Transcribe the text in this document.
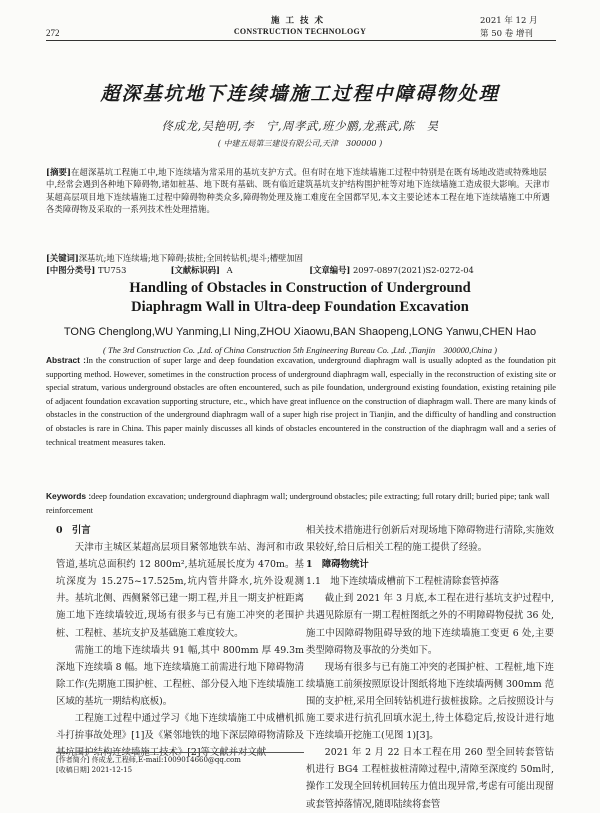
272
施工技术
CONSTRUCTION TECHNOLOGY
2021 年 12 月
第 50 卷 增刊
超深基坑地下连续墙施工过程中障碍物处理
佟成龙,吴艳明,李　宁,周孝武,班少鹏,龙燕武,陈　昊
( 中建五局第三建设有限公司,天津　300000 )
[摘要]在超深基坑工程施工中,地下连续墙为常采用的基坑支护方式。但有时在地下连续墙施工过程中特别是在既有场地改造或特殊地层中,经常会遇到各种地下障碍物,诸如桩基、地下既有基础、既有临近建筑基坑支护结构围护桩等对地下连续墙施工造成很大影响。天津市某超高层项目地下连续墙施工过程中障碍物种类众多,障碍物处理及施工难度在全国都罕见,本文主要论述本工程在地下连续墙施工中所遇各类障碍物及采取的一系列技术性处理措施。
[关键词]深基坑;地下连续墙;地下障碍;拔桩;全回转钻机;堤斗;槽壁加固
[中图分类号] TU753	[文献标识码] A	[文章编号] 2097-0897(2021)S2-0272-04
Handling of Obstacles in Construction of Underground
Diaphragm Wall in Ultra-deep Foundation Excavation
TONG Chenglong,WU Yanming,LI Ning,ZHOU Xiaowu,BAN Shaopeng,LONG Yanwu,CHEN Hao
( The 3rd Construction Co. ,Ltd. of China Construction 5th Engineering Bureau Co. ,Ltd. ,Tianjin　300000,China )
Abstract :In the construction of super large and deep foundation excavation, underground diaphragm wall is usually adopted as the foundation pit supporting method. However, sometimes in the construction process of underground diaphragm wall, especially in the reconstruction of existing site or special stratum, various underground obstacles are often encountered, such as pile foundation, underground existing foundation, existing retaining pile of adjacent foundation excavation supporting structure, etc., which have great influence on the construction of diaphragm wall. There are many kinds of obstacles in the construction of the underground diaphragm wall of a super high rise project in Tianjin, and the difficulty of handling and construction of obstacles is rare in China. This paper mainly discusses all kinds of obstacles encountered in the construction of the diaphragm wall and a series of technical treatment measures taken.
Keywords :deep foundation excavation; underground diaphragm wall; underground obstacles; pile extracting; full rotary drill; buried pipe; tank wall reinforcement

0　引言

天津市主城区某超高层项目紧邻地铁车站、海河和市政管道,基坑总面积约 12 800m²,基坑延展长度为 470m。基坑深度为 15.275~17.525m,坑内管井降水,坑外设观测井。基坑北侧、西侧紧邻已建一期工程,并且一期支护桩距离施工地下连续墙较近,现场有很多与已有施工冲突的老围护桩、工程桩、基坑支护及基础施工难度较大。

需施工的地下连续墙共 91 幅,其中 800mm 厚 49.3m深地下连续墙 8 幅。地下连续墙施工前需进行地下障碍物清除工作(先期施工围护桩、工程桩、部分侵入地下连续墙施工区域的基坑一期结构底板)。

工程施工过程中通过学习《地下连续墙施工中成槽机抓斗打拚事故处理》[1]及《紧邻地铁的地下深层障碍物清除及基坑围护结构连续墙施工技术》[2]等文献并对文献

相关技术措施进行创新后对现场地下障碍物进行清除,实施效果较好,给日后相关工程的施工提供了经验。

1　障碍物统计

1.1　地下连续墙成槽前下工程桩清除套管掉落

截止到 2021 年 3 月底,本工程在进行基坑支护过程中,共遇见除原有一期工程桩图纸之外的不明障碍物侵扰 36 处,施工中因障碍物阻碍导致的地下连续墙施工变更 6 处,主要类型障碍物及事故的分类如下。

现场有很多与已有施工冲突的老围护桩、工程桩,地下连续墙施工前须按照原设计图纸将地下连续墙两侧 300mm 范围的支护桩,采用全回转钻机进行拔桩拔除。之后按照设计与施工要求进行抗孔回填水泥土,待土体稳定后,按设计进行地下连续墙开挖施工(见图 1)[3]。

2021 年 2 月 22 日本工程在用 260 型全回转套管钻机进行 BG4 工程桩拔桩清障过程中,清障至深度约 50m时,操作工发现全回转机回转压力值出现异常,考虑有可能出现留或套管掉落情况,随即陆续将套管

[作者简介] 佟成龙,工程师,E-mail:1009014660@qq.com
[收稿日期] 2021-12-15
